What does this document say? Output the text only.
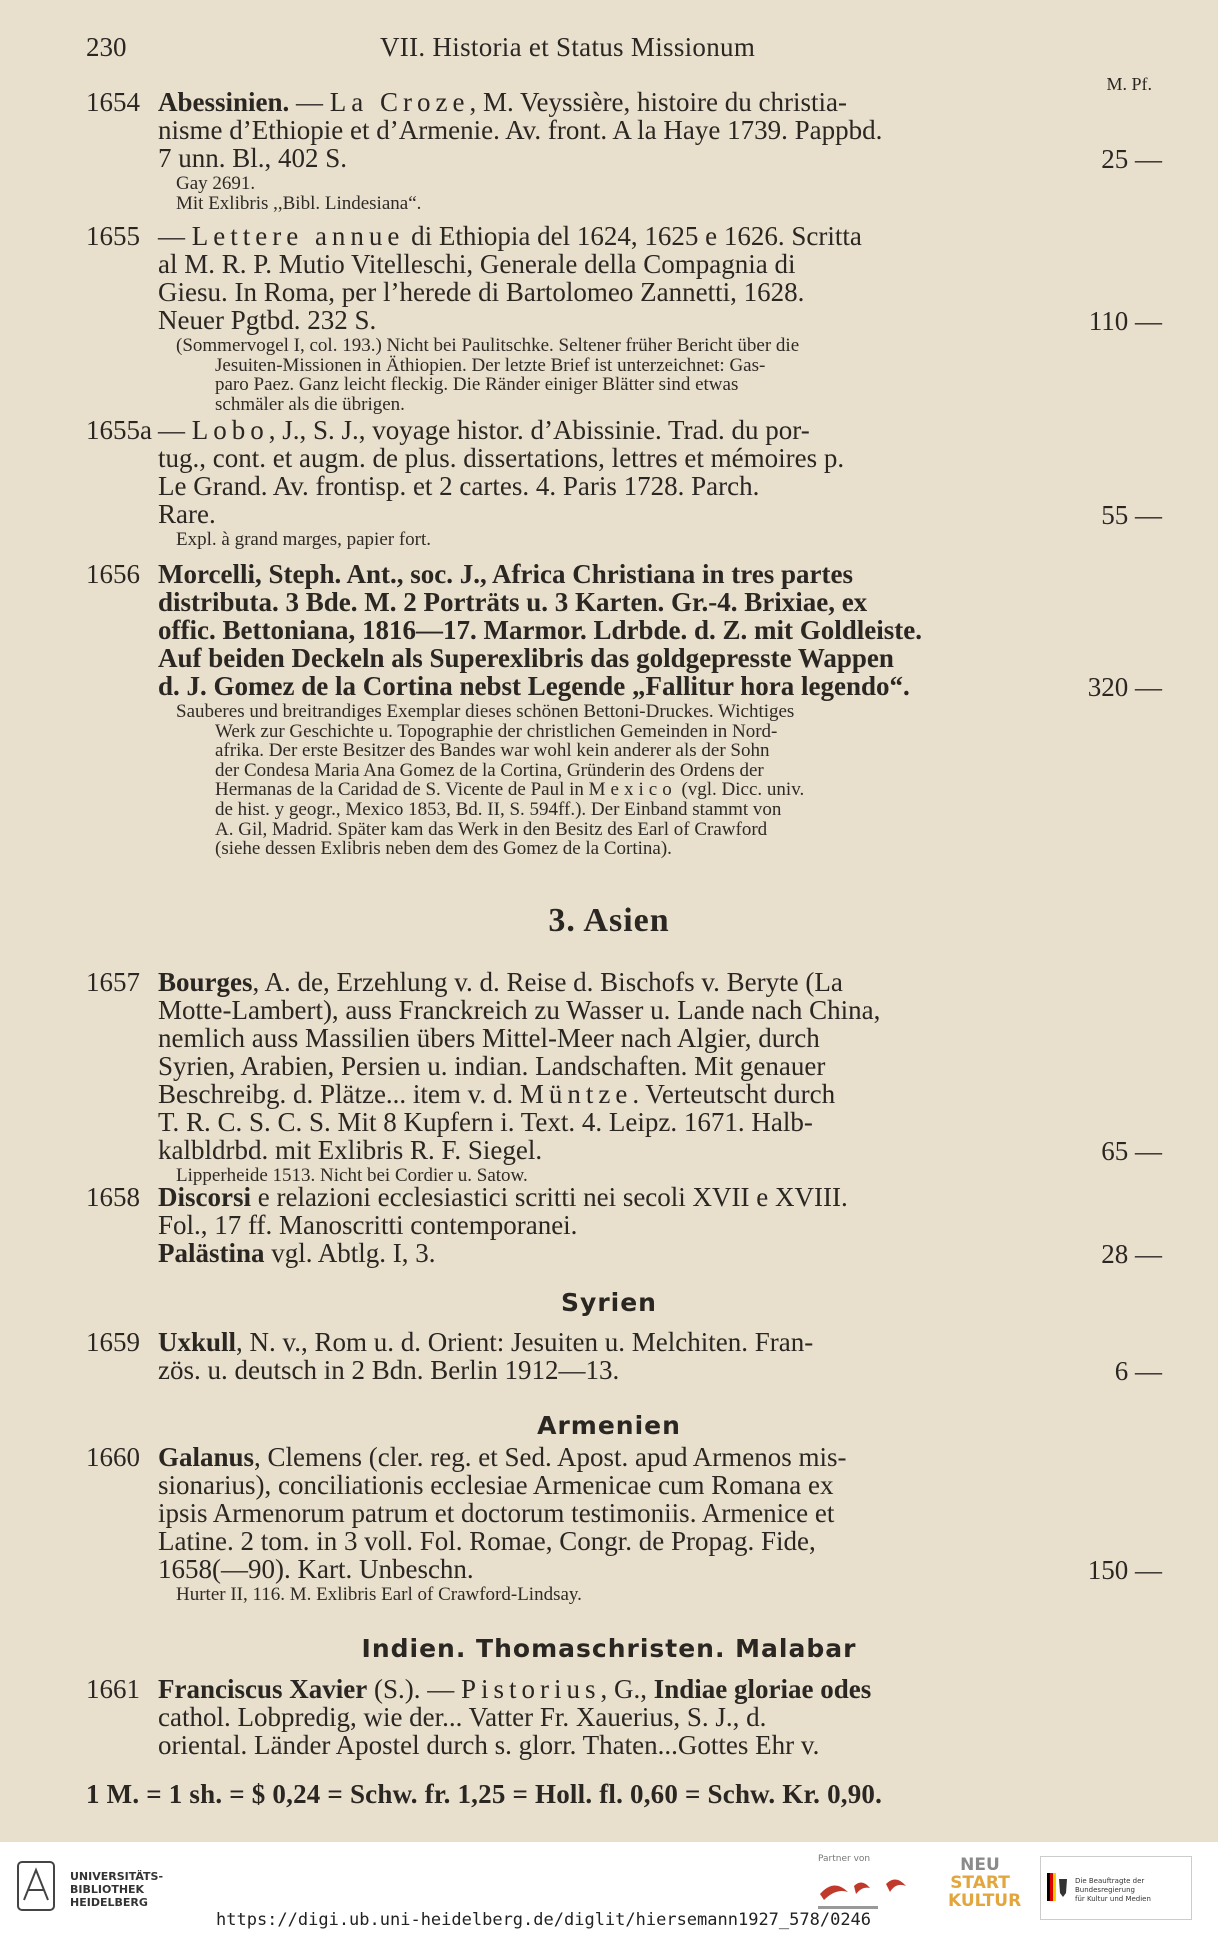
230	VII. Historia et Status Missionum
M. Pf.
1654 Abessinien. — La Croze, M. Veyssière, histoire du christia-
nisme d’Ethiopie et d’Armenie. Av. front. A la Haye 1739. Pappbd.
7 unn. Bl., 402 S.	25 —
Gay 2691.
Mit Exlibris ,,Bibl. Lindesiana“.
1655 — Lettere annue di Ethiopia del 1624, 1625 e 1626. Scritta
al M. R. P. Mutio Vitelleschi, Generale della Compagnia di
Giesu. In Roma, per l’herede di Bartolomeo Zannetti, 1628.
Neuer Pgtbd. 232 S.	110 —
(Sommervogel I, col. 193.) Nicht bei Paulitschke. Seltener früher Bericht über die
Jesuiten-Missionen in Äthiopien. Der letzte Brief ist unterzeichnet: Gas-
paro Paez. Ganz leicht fleckig. Die Ränder einiger Blätter sind etwas
schmäler als die übrigen.
1655a — Lobo, J., S. J., voyage histor. d’Abissinie. Trad. du por-
tug., cont. et augm. de plus. dissertations, lettres et mémoires p.
Le Grand. Av. frontisp. et 2 cartes. 4. Paris 1728. Parch.
Rare.	55 —
Expl. à grand marges, papier fort.
1656 Morcelli, Steph. Ant., soc. J., Africa Christiana in tres partes
distributa. 3 Bde. M. 2 Porträts u. 3 Karten. Gr.-4. Brixiae, ex
offic. Bettoniana, 1816—17. Marmor. Ldrbde. d. Z. mit Goldleiste.
Auf beiden Deckeln als Superexlibris das goldgepresste Wappen
d. J. Gomez de la Cortina nebst Legende „Fallitur hora legendo“.	320 —
Sauberes und breitrandiges Exemplar dieses schönen Bettoni-Druckes. Wichtiges
Werk zur Geschichte u. Topographie der christlichen Gemeinden in Nord-
afrika. Der erste Besitzer des Bandes war wohl kein anderer als der Sohn
der Condesa Maria Ana Gomez de la Cortina, Gründerin des Ordens der
Hermanas de la Caridad de S. Vicente de Paul in Mexico (vgl. Dicc. univ.
de hist. y geogr., Mexico 1853, Bd. II, S. 594ff.). Der Einband stammt von
A. Gil, Madrid. Später kam das Werk in den Besitz des Earl of Crawford
(siehe dessen Exlibris neben dem des Gomez de la Cortina).
3. Asien
1657 Bourges, A. de, Erzehlung v. d. Reise d. Bischofs v. Beryte (La
Motte-Lambert), auss Franckreich zu Wasser u. Lande nach China,
nemlich auss Massilien übers Mittel-Meer nach Algier, durch
Syrien, Arabien, Persien u. indian. Landschaften. Mit genauer
Beschreibg. d. Plätze... item v. d. Müntze. Verteutscht durch
T. R. C. S. C. S. Mit 8 Kupfern i. Text. 4. Leipz. 1671. Halb-
kalbldrbd. mit Exlibris R. F. Siegel.	65 —
Lipperheide 1513. Nicht bei Cordier u. Satow.
1658 Discorsi e relazioni ecclesiastici scritti nei secoli XVII e XVIII.
Fol., 17 ff. Manoscritti contemporanei.
Palästina vgl. Abtlg. I, 3.	28 —
Syrien
1659 Uxkull, N. v., Rom u. d. Orient: Jesuiten u. Melchiten. Fran-
zös. u. deutsch in 2 Bdn. Berlin 1912—13.	6 —
Armenien
1660 Galanus, Clemens (cler. reg. et Sed. Apost. apud Armenos mis-
sionarius), conciliationis ecclesiae Armenicae cum Romana ex
ipsis Armenorum patrum et doctorum testimoniis. Armenice et
Latine. 2 tom. in 3 voll. Fol. Romae, Congr. de Propag. Fide,
1658(—90). Kart. Unbeschn.	150 —
Hurter II, 116. M. Exlibris Earl of Crawford-Lindsay.
Indien. Thomaschristen. Malabar
1661 Franciscus Xavier (S.). — Pistorius, G., Indiae gloriae odes
cathol. Lobpredig, wie der... Vatter Fr. Xauerius, S. J., d.
oriental. Länder Apostel durch s. glorr. Thaten...Gottes Ehr v.
1 M. = 1 sh. = $ 0,24 = Schw. fr. 1,25 = Holl. fl. 0,60 = Schw. Kr. 0,90.
UNIVERSITÄTS-
BIBLIOTHEK
HEIDELBERG
Partner von	NEU
START
KULTUR
Die Beauftragte der Bundesregierung
für Kultur und Medien
https://digi.ub.uni-heidelberg.de/diglit/hiersemann1927_578/0246
